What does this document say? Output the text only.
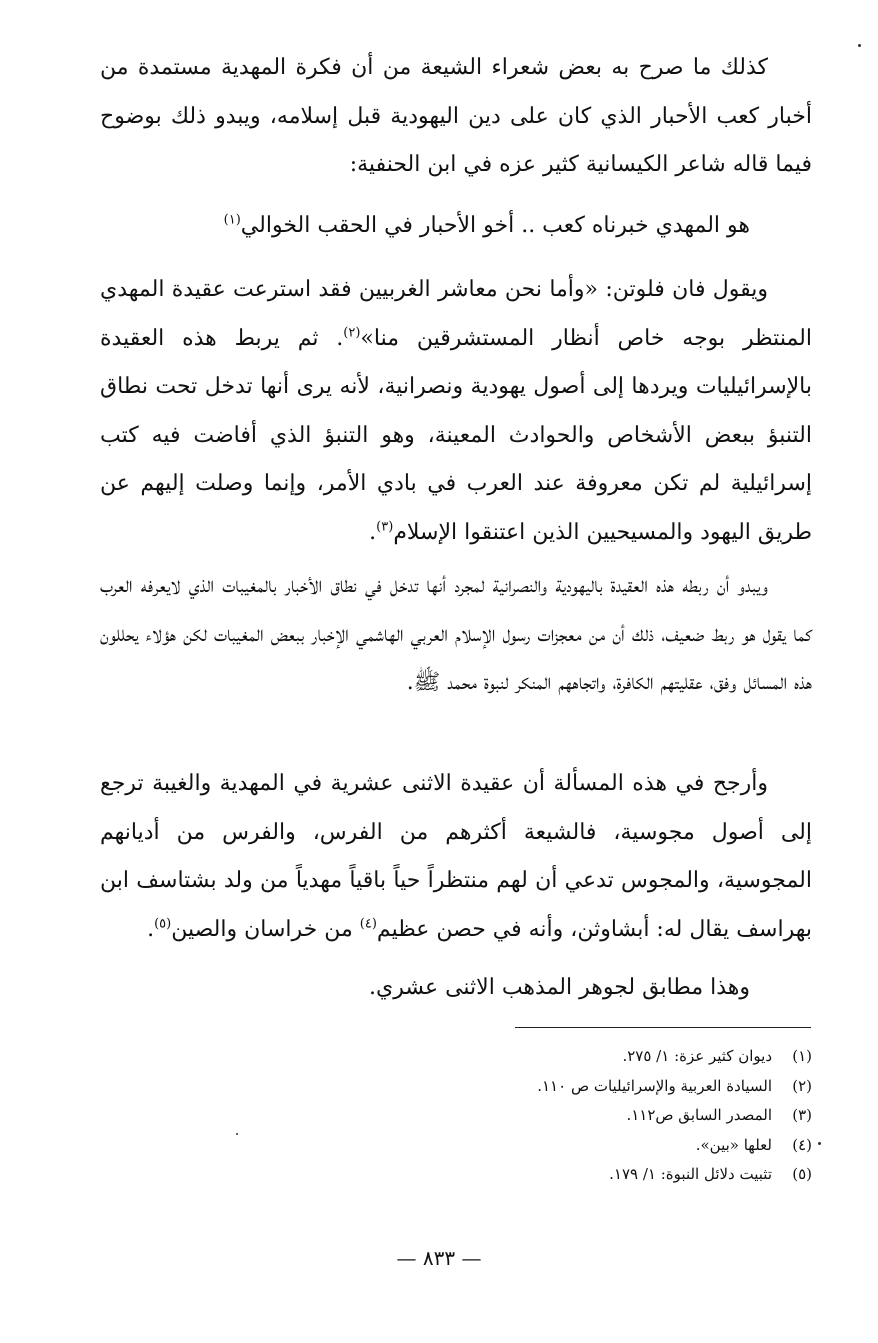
كذلك ما صرح به بعض شعراء الشيعة من أن فكرة المهدية مستمدة من أخبار كعب الأحبار الذي كان على دين اليهودية قبل إسلامه، ويبدو ذلك بوضوح فيما قاله شاعر الكيسانية كثير عزه في ابن الحنفية:
هو المهدي خبرناه كعب .. أخو الأحبار في الحقب الخوالي$^{(١)}$
ويقول فان فلوتن: «وأما نحن معاشر الغربيين فقد استرعت عقيدة المهدي المنتظر بوجه خاص أنظار المستشرقين منا»$^{(٢)}$. ثم يربط هذه العقيدة بالإسرائيليات ويردها إلى أصول يهودية ونصرانية، لأنه يرى أنها تدخل تحت نطاق التنبؤ ببعض الأشخاص والحوادث المعينة، وهو التنبؤ الذي أفاضت فيه كتب إسرائيلية لم تكن معروفة عند العرب في بادي الأمر، وإنما وصلت إليهم عن طريق اليهود والمسيحيين الذين اعتنقوا الإسلام$^{(٣)}$.
ويبدو أن ربطه هذه العقيدة باليهودية والنصرانية لمجرد أنها تدخل في نطاق الأخبار بالمغيبات الذي لايعرفه العرب كما يقول هو ربط ضعيف، ذلك أن من معجزات رسول الإسلام العربي الهاشمي الإخبار ببعض المغيبات لكن هؤلاء يحللون هذه المسائل وفق، عقليتهم الكافرة، واتجاههم المنكر لنبوة محمد ﷺ.
وأرجح في هذه المسألة أن عقيدة الاثنى عشرية في المهدية والغيبة ترجع إلى أصول مجوسية، فالشيعة أكثرهم من الفرس، والفرس من أديانهم المجوسية، والمجوس تدعي أن لهم منتظراً حياً باقياً مهدياً من ولد بشتاسف ابن بهراسف يقال له: أبشاوثن، وأنه في حصن عظيم$^{(٤)}$ من خراسان والصين$^{(٥)}$.
وهذا مطابق لجوهر المذهب الاثنى عشري.
(١)
ديوان كثير عزة: ١/ ٢٧٥.
(٢)
السيادة العربية والإسرائيليات ص ١١٠.
(٣)
المصدر السابق ص١١٢.
(٤)
لعلها «بين».
(٥)
تثبيت دلائل النبوة: ١/ ١٧٩.
— ٨٣٣ —
